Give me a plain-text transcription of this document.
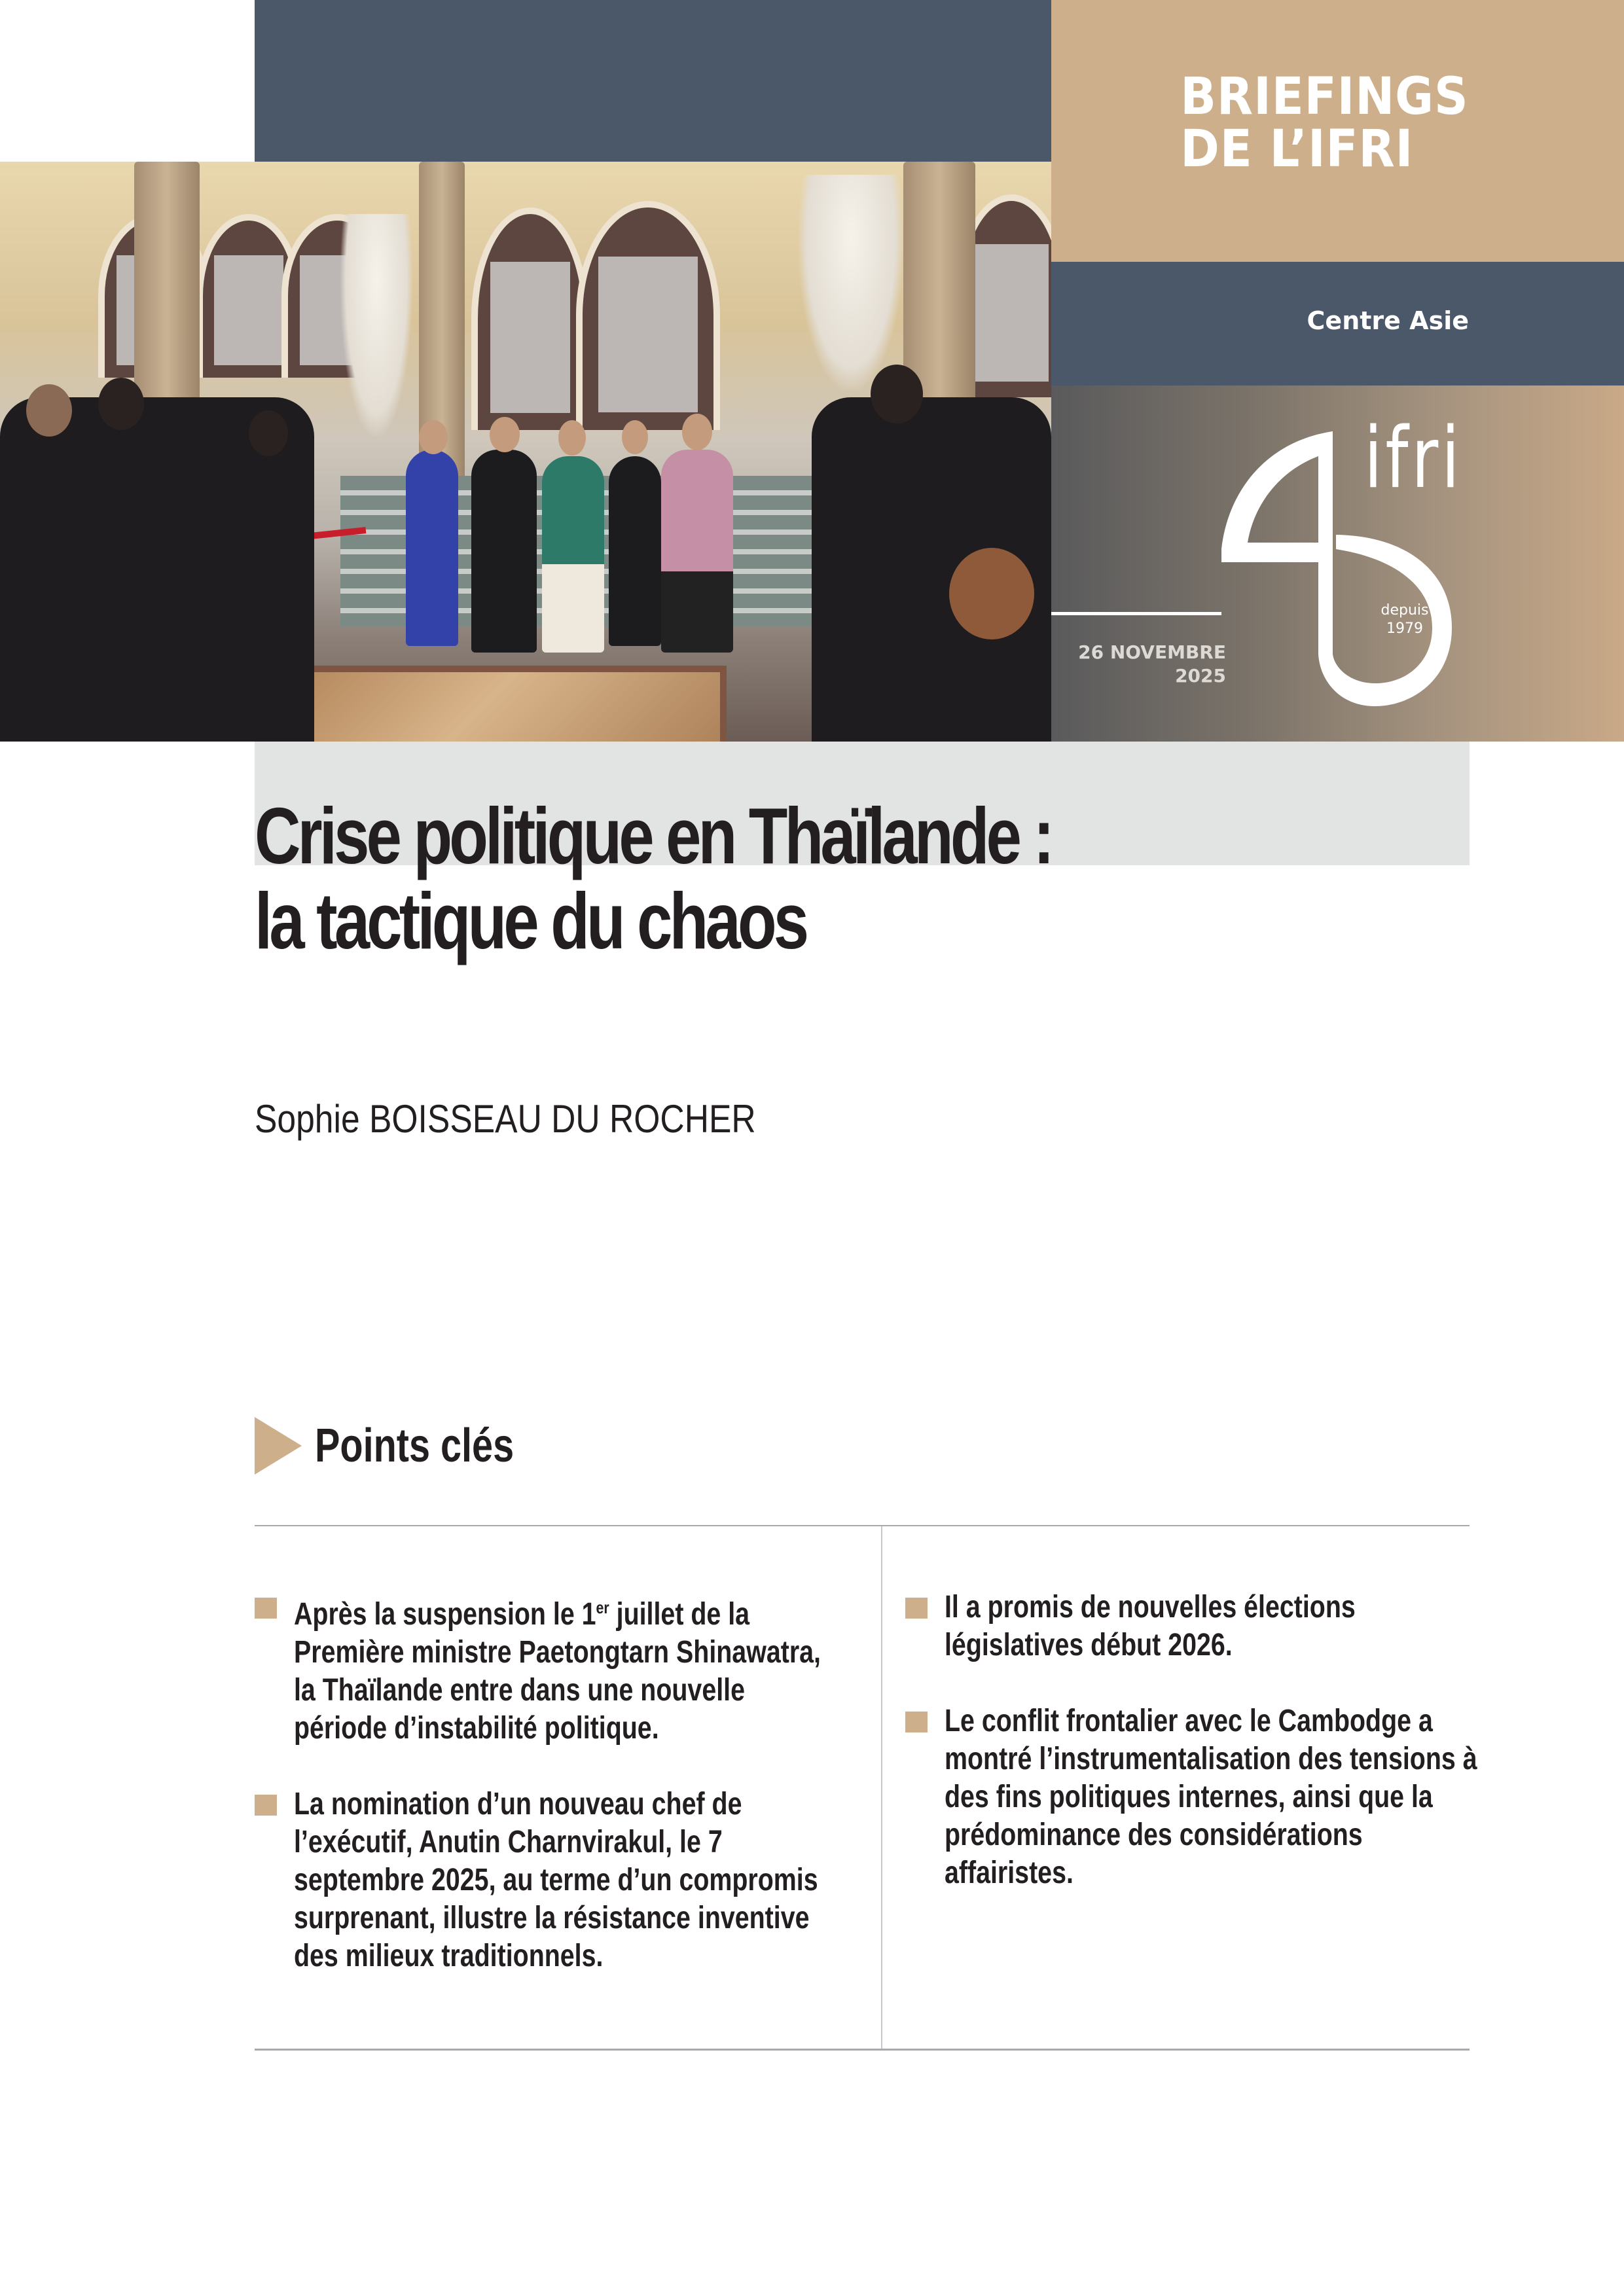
BRIEFINGS
DE L’IFRI
Centre Asie
26 NOVEMBRE
2025
ifri
depuis
1979
Crise politique en Thaïlande :
la tactique du chaos
Sophie BOISSEAU DU ROCHER
Points clés
Après la suspension le 1er juillet de la Première ministre Paetongtarn Shinawatra, la Thaïlande entre dans une nouvelle période d’instabilité politique.
La nomination d’un nouveau chef de l’exécutif, Anutin Charnvirakul, le 7 septembre 2025, au terme d’un compromis surprenant, illustre la résistance inventive des milieux traditionnels.
Il a promis de nouvelles élections législatives début 2026.
Le conflit frontalier avec le Cambodge a montré l’instrumentalisation des tensions à des fins politiques internes, ainsi que la prédominance des considérations affairistes.
